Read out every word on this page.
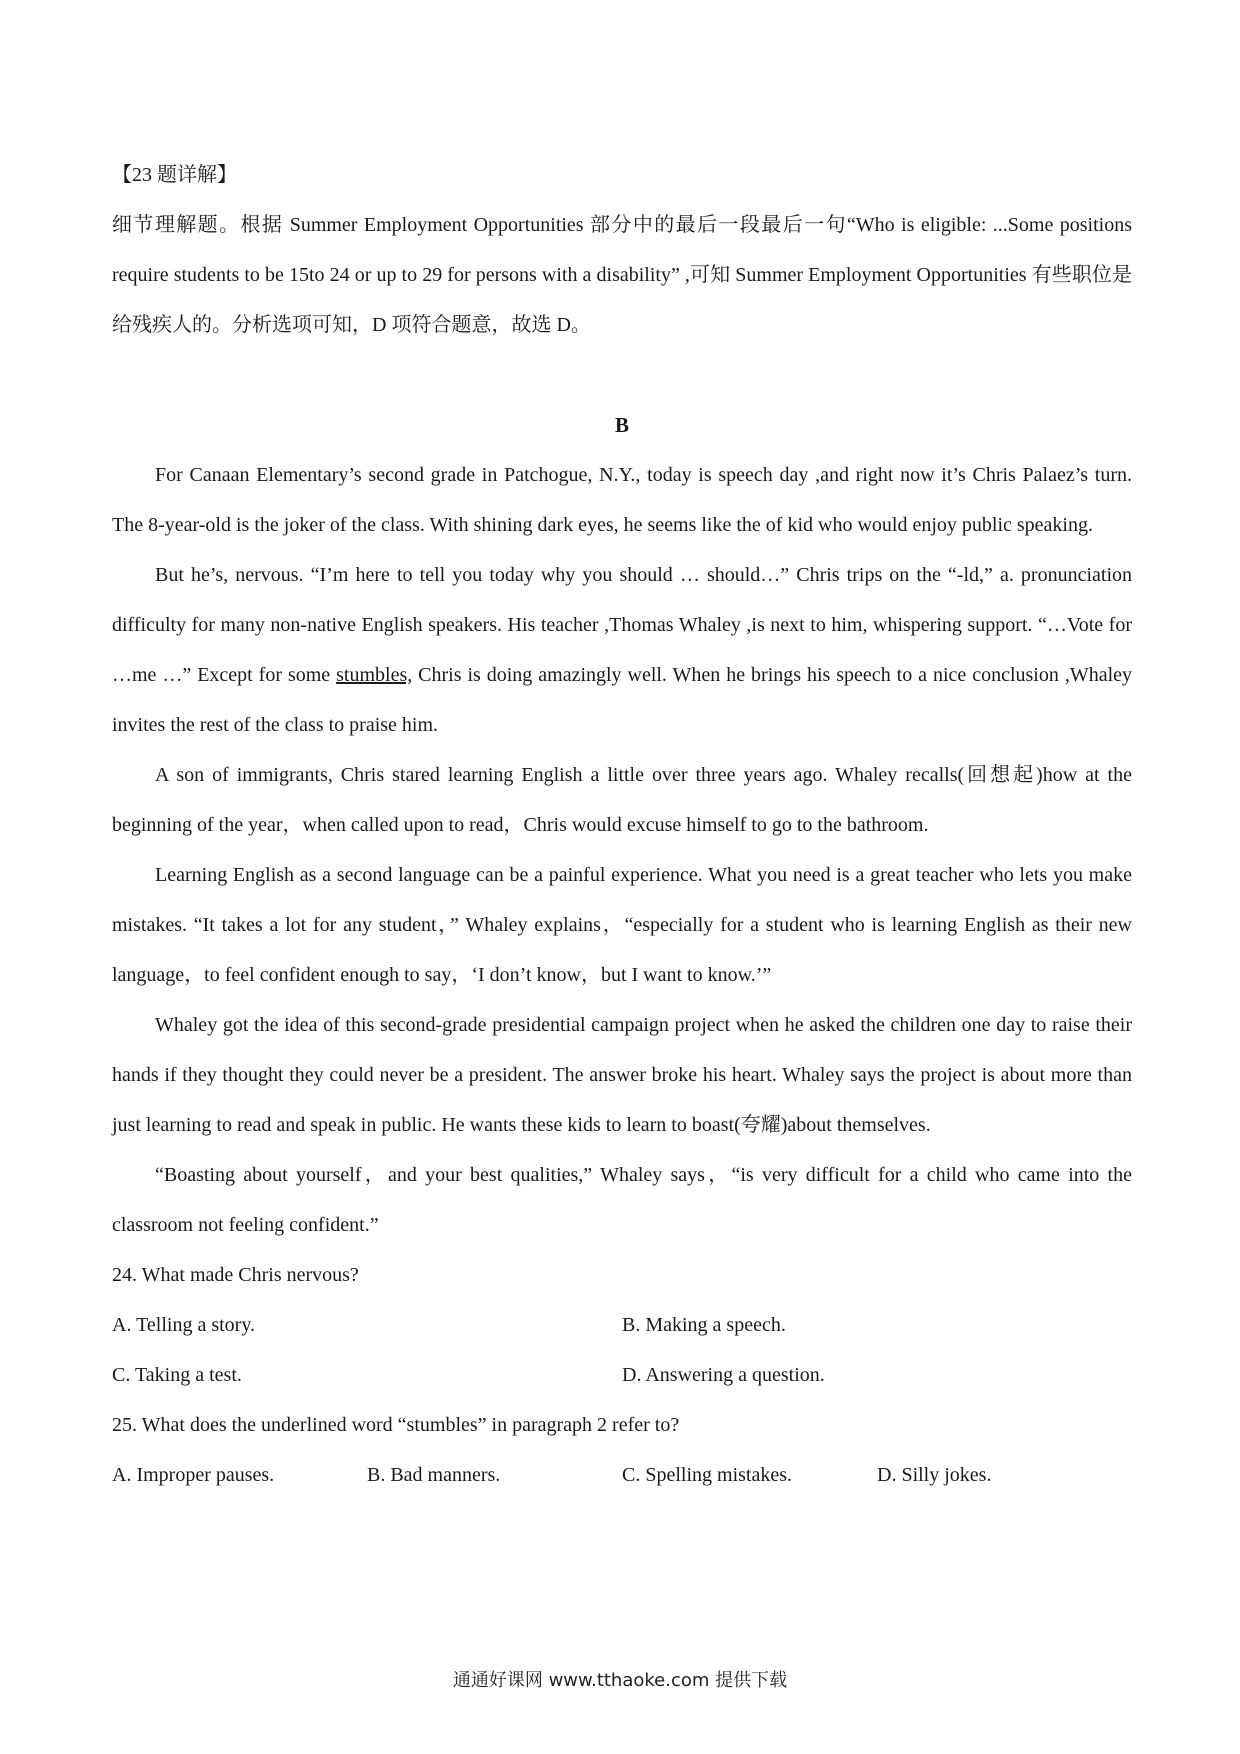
【23 题详解】

细节理解题。根据 Summer Employment Opportunities 部分中的最后一段最后一句“Who is eligible: ...Some positions require students to be 15to 24 or up to 29 for persons with a disability” ,可知 Summer Employment Opportunities 有些职位是给残疾人的。分析选项可知，D 项符合题意，故选 D。

B

For Canaan Elementary’s second grade in Patchogue, N.Y., today is speech day ,and right now it’s Chris Palaez’s turn. The 8-year-old is the joker of the class. With shining dark eyes, he seems like the of kid who would enjoy public speaking.

But he’s, nervous. “I’m here to tell you today why you should … should…” Chris trips on the “-ld,” a. pronunciation difficulty for many non-native English speakers. His teacher ,Thomas Whaley ,is next to him, whispering support. “…Vote for …me …” Except for some stumbles, Chris is doing amazingly well. When he brings his speech to a nice conclusion ,Whaley invites the rest of the class to praise him.

A son of immigrants, Chris stared learning English a little over three years ago. Whaley recalls(回想起)how at the beginning of the year，when called upon to read，Chris would excuse himself to go to the bathroom.

Learning English as a second language can be a painful experience. What you need is a great teacher who lets you make mistakes. “It takes a lot for any student，” Whaley explains，“especially for a student who is learning English as their new language，to feel confident enough to say，‘I don’t know，but I want to know.’”

Whaley got the idea of this second-grade presidential campaign project when he asked the children one day to raise their hands if they thought they could never be a president. The answer broke his heart. Whaley says the project is about more than just learning to read and speak in public. He wants these kids to learn to boast(夸耀)about themselves.

“Boasting about yourself，and your best qualities,” Whaley says，“is very difficult for a child who came into the classroom not feeling confident.”

24. What made Chris nervous?

A. Telling a story.	B. Making a speech.
C. Taking a test.	D. Answering a question.

25. What does the underlined word “stumbles” in paragraph 2 refer to?

A. Improper pauses.	B. Bad manners.	C. Spelling mistakes.	D. Silly jokes.
通通好课网 www.tthaoke.com 提供下载
